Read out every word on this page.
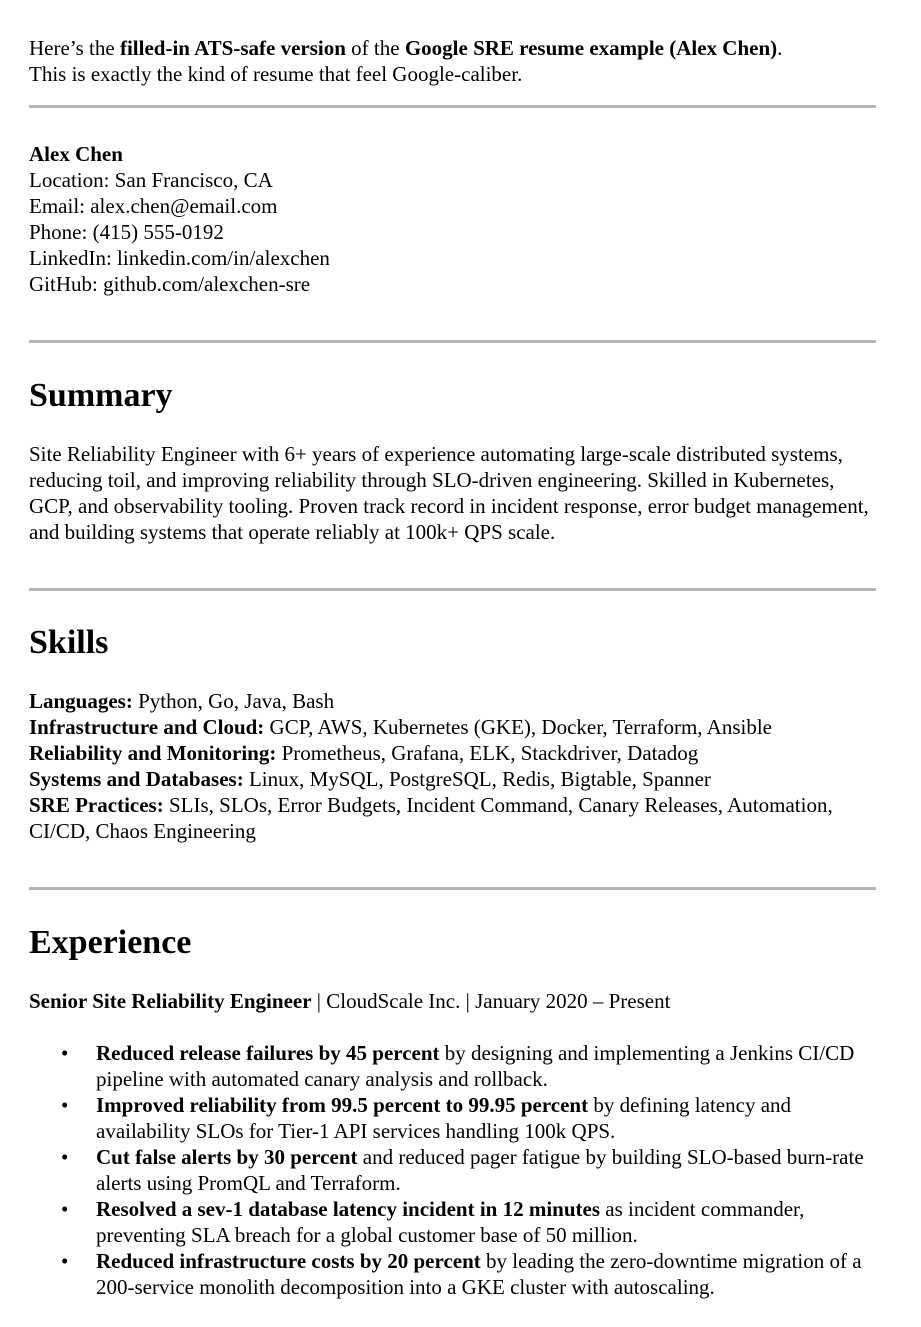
Here’s the filled-in ATS-safe version of the Google SRE resume example (Alex Chen).

This is exactly the kind of resume that feel Google-caliber.

Alex Chen
Location: San Francisco, CA
Email: alex.chen@email.com
Phone: (415) 555-0192
LinkedIn: linkedin.com/in/alexchen
GitHub: github.com/alexchen-sre
Summary

Site Reliability Engineer with 6+ years of experience automating large-scale distributed systems, reducing toil, and improving reliability through SLO-driven engineering. Skilled in Kubernetes, GCP, and observability tooling. Proven track record in incident response, error budget management, and building systems that operate reliably at 100k+ QPS scale.

Skills

Languages: Python, Go, Java, Bash

Infrastructure and Cloud: GCP, AWS, Kubernetes (GKE), Docker, Terraform, Ansible

Reliability and Monitoring: Prometheus, Grafana, ELK, Stackdriver, Datadog

Systems and Databases: Linux, MySQL, PostgreSQL, Redis, Bigtable, Spanner

SRE Practices: SLIs, SLOs, Error Budgets, Incident Command, Canary Releases, Automation, CI/CD, Chaos Engineering

Experience

Senior Site Reliability Engineer | CloudScale Inc. | January 2020 – Present

• Reduced release failures by 45 percent by designing and implementing a Jenkins CI/CD pipeline with automated canary analysis and rollback.
• Improved reliability from 99.5 percent to 99.95 percent by defining latency and availability SLOs for Tier-1 API services handling 100k QPS.
• Cut false alerts by 30 percent and reduced pager fatigue by building SLO-based burn-rate alerts using PromQL and Terraform.
• Resolved a sev-1 database latency incident in 12 minutes as incident commander, preventing SLA breach for a global customer base of 50 million.
• Reduced infrastructure costs by 20 percent by leading the zero-downtime migration of a 200-service monolith decomposition into a GKE cluster with autoscaling.
